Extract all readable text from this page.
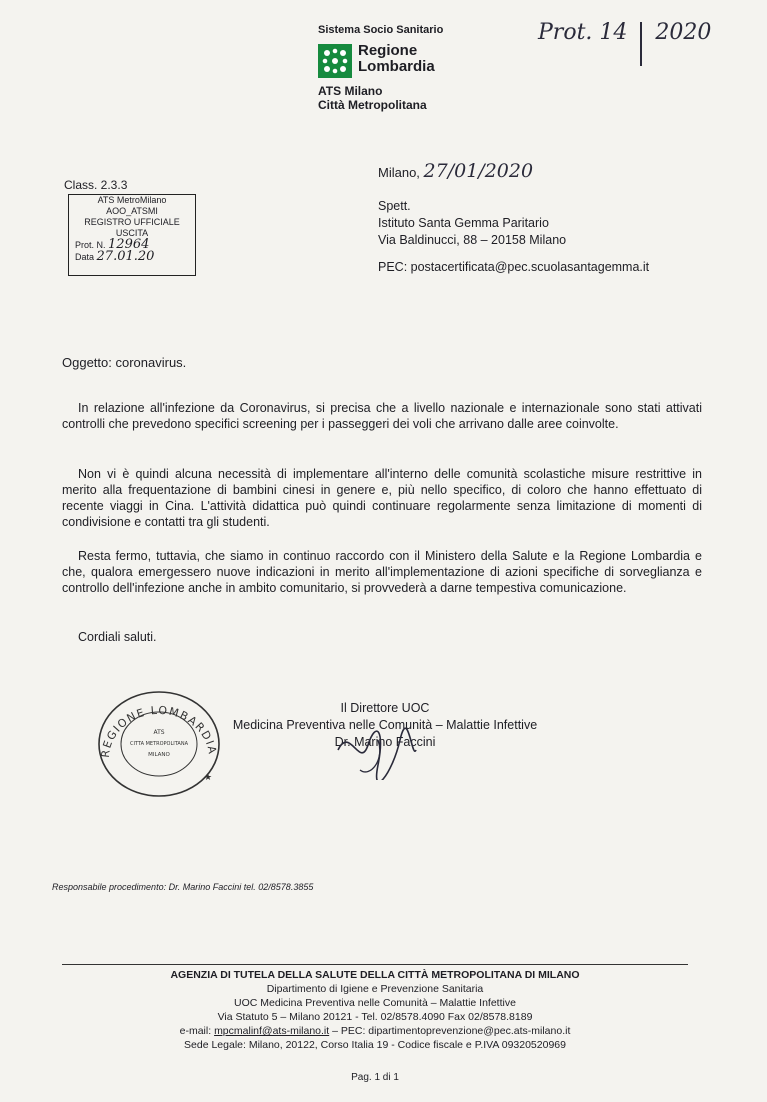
Sistema Socio Sanitario
Regione
Lombardia
ATS Milano
Città Metropolitana
Prot. 14 2020
Class. 2.3.3
ATS MetroMilano
AOO_ATSMI
REGISTRO UFFICIALE
USCITA
Prot. N. 12964
Data 27.01.20
Milano, 27/01/2020
Spett.
Istituto Santa Gemma Paritario
Via Baldinucci, 88 – 20158 Milano
PEC: postacertificata@pec.scuolasantagemma.it
Oggetto: coronavirus.
In relazione all'infezione da Coronavirus, si precisa che a livello nazionale e internazionale sono stati attivati controlli che prevedono specifici screening per i passeggeri dei voli che arrivano dalle aree coinvolte.
Non vi è quindi alcuna necessità di implementare all'interno delle comunità scolastiche misure restrittive in merito alla frequentazione di bambini cinesi in genere e, più nello specifico, di coloro che hanno effettuato di recente viaggi in Cina. L'attività didattica può quindi continuare regolarmente senza limitazione di momenti di condivisione e contatti tra gli studenti.
Resta fermo, tuttavia, che siamo in continuo raccordo con il Ministero della Salute e la Regione Lombardia e che, qualora emergessero nuove indicazioni in merito all'implementazione di azioni specifiche di sorveglianza e controllo dell'infezione anche in ambito comunitario, si provvederà a darne tempestiva comunicazione.
Cordiali saluti.
REGIONE LOMBARDIA
ATS
CITTA METROPOLITANA
MILANO
★
Il Direttore UOC
Medicina Preventiva nelle Comunità – Malattie Infettive
Dr. Marino Faccini
Responsabile procedimento: Dr. Marino Faccini tel. 02/8578.3855
AGENZIA DI TUTELA DELLA SALUTE DELLA CITTÀ METROPOLITANA DI MILANO
Dipartimento di Igiene e Prevenzione Sanitaria
UOC Medicina Preventiva nelle Comunità – Malattie Infettive
Via Statuto 5 – Milano 20121 - Tel. 02/8578.4090 Fax 02/8578.8189
e-mail: mpcmalinf@ats-milano.it – PEC: dipartimentoprevenzione@pec.ats-milano.it
Sede Legale: Milano, 20122, Corso Italia 19 - Codice fiscale e P.IVA 09320520969
Pag. 1 di 1
